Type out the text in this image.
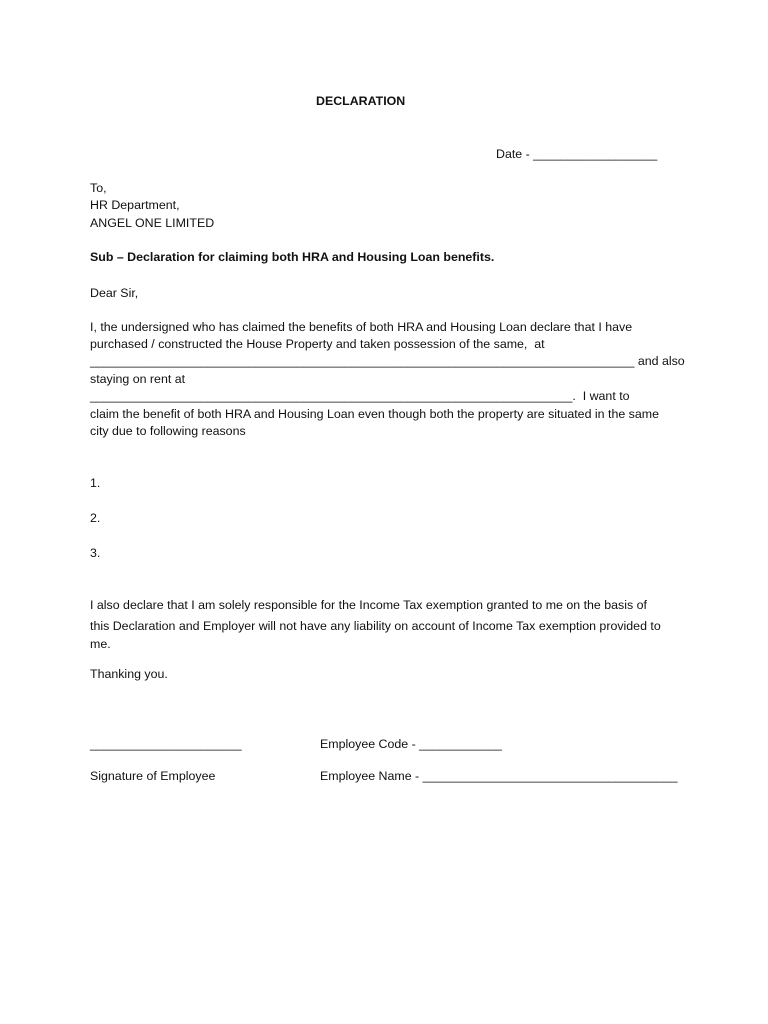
DECLARATION
Date - __________________
To,
HR Department,
ANGEL ONE LIMITED
Sub – Declaration for claiming both HRA and Housing Loan benefits.
Dear Sir,
I, the undersigned who has claimed the benefits of both HRA and Housing Loan declare that I have
purchased / constructed the House Property and taken possession of the same,  at
_______________________________________________________________________________ and also
staying on rent at
______________________________________________________________________.  I want to
claim the benefit of both HRA and Housing Loan even though both the property are situated in the same
city due to following reasons
1.
2.
3.
I also declare that I am solely responsible for the Income Tax exemption granted to me on the basis of
this Declaration and Employer will not have any liability on account of Income Tax exemption provided to
me.
Thanking you.
______________________	Employee Code - ____________
Signature of Employee	Employee Name - _____________________________________
